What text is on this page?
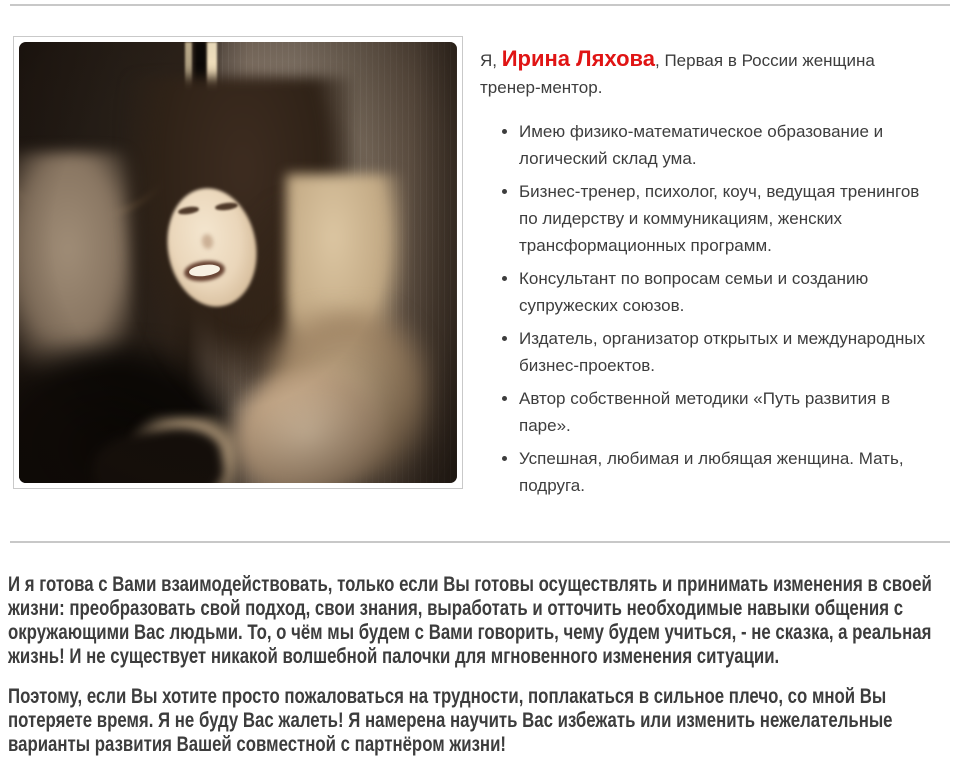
Я, Ирина Ляхова, Первая в России женщина тренер-ментор.

• Имею физико-математическое образование и логический склад ума.
• Бизнес-тренер, психолог, коуч, ведущая тренингов по лидерству и коммуникациям, женских трансформационных программ.
• Консультант по вопросам семьи и созданию супружеских союзов.
• Издатель, организатор открытых и международных бизнес-проектов.
• Автор собственной методики «Путь развития в паре».
• Успешная, любимая и любящая женщина. Мать, подруга.

И я готова с Вами взаимодействовать, только если Вы готовы осуществлять и принимать изменения в своей жизни: преобразовать свой подход, свои знания, выработать и отточить необходимые навыки общения с окружающими Вас людьми. То, о чём мы будем с Вами говорить, чему будем учиться, - не сказка, а реальная жизнь! И не существует никакой волшебной палочки для мгновенного изменения ситуации.

Поэтому, если Вы хотите просто пожаловаться на трудности, поплакаться в сильное плечо, со мной Вы потеряете время. Я не буду Вас жалеть! Я намерена научить Вас избежать или изменить нежелательные варианты развития Вашей совместной с партнёром жизни!
